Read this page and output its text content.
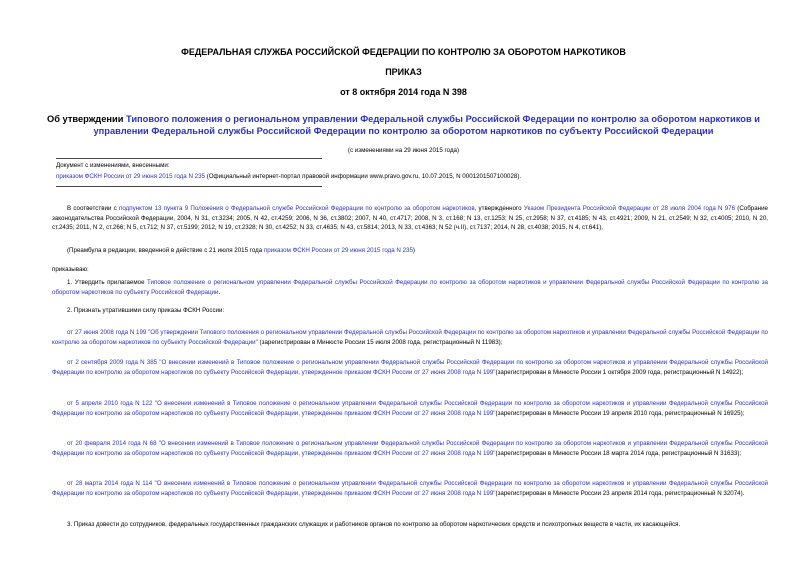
ФЕДЕРАЛЬНАЯ СЛУЖБА РОССИЙСКОЙ ФЕДЕРАЦИИ ПО КОНТРОЛЮ ЗА ОБОРОТОМ НАРКОТИКОВ
ПРИКАЗ
от 8 октября 2014 года N 398
Об утверждении Типового положения о региональном управлении Федеральной службы Российской Федерации по контролю за оборотом наркотиков и управлении Федеральной службы Российской Федерации по контролю за оборотом наркотиков по субъекту Российской Федерации
(с изменениями на 29 июня 2015 года)
Документ с изменениями, внесенными:
приказом ФСКН России от 29 июня 2015 года N 235 (Официальный интернет-портал правовой информации www.pravo.gov.ru, 10.07.2015, N 0001201507100028).
В соответствии с подпунктом 13 пункта 9 Положения о Федеральной службе Российской Федерации по контролю за оборотом наркотиков, утвержденного Указом Президента Российской Федерации от 28 июля 2004 года N 976 (Собрание законодательства Российской Федерации, 2004, N 31, ст.3234; 2005, N 42, ст.4259; 2006, N 36, ст.3802; 2007, N 40, ст.4717; 2008, N 3, ст.168; N 13, ст.1253; N 25, ст.2958; N 37, ст.4185; N 43, ст.4921; 2009, N 21, ст.2549; N 32, ст.4005; 2010, N 20, ст.2435; 2011, N 2, ст.266; N 5, ст.712; N 37, ст.5199; 2012, N 19, ст.2328; N 30, ст.4252; N 33, ст.4635; N 43, ст.5814; 2013, N 33, ст.4363; N 52 (ч.II), ст.7137; 2014, N 28, ст.4038; 2015, N 4, ст.641),
(Преамбула в редакции, введенной в действие с 21 июля 2015 года приказом ФСКН России от 29 июня 2015 года N 235)
приказываю:
1. Утвердить прилагаемое Типовое положение о региональном управлении Федеральной службы Российской Федерации по контролю за оборотом наркотиков и управлении Федеральной службы Российской Федерации по контролю за оборотом наркотиков по субъекту Российской Федерации.
2. Признать утратившими силу приказы ФСКН России:
от 27 июня 2008 года N 199 "Об утверждении Типового положения о региональном управлении Федеральной службы Российской Федерации по контролю за оборотом наркотиков и управлении Федеральной службы Российской Федерации по контролю за оборотом наркотиков по субъекту Российской Федерации" (зарегистрирован в Минюсте России 15 июля 2008 года, регистрационный N 11983);
от 2 сентября 2009 года N 385 "О внесении изменений в Типовое положение о региональном управлении Федеральной службы Российской Федерации по контролю за оборотом наркотиков и управлении Федеральной службы Российской Федерации по контролю за оборотом наркотиков по субъекту Российской Федерации, утвержденное приказом ФСКН России от 27 июня 2008 года N 199"(зарегистрирован в Минюсте России 1 октября 2009 года, регистрационный N 14922);
от 5 апреля 2010 года N 122 "О внесении изменений в Типовое положение о региональном управлении Федеральной службы Российской Федерации по контролю за оборотом наркотиков и управлении Федеральной службы Российской Федерации по контролю за оборотом наркотиков по субъекту Российской Федерации, утвержденное приказом ФСКН России от 27 июня 2008 года N 199"(зарегистрирован в Минюсте России 19 апреля 2010 года, регистрационный N 16925);
от 20 февраля 2014 года N 68 "О внесении изменений в Типовое положение о региональном управлении Федеральной службы Российской Федерации по контролю за оборотом наркотиков и управлении Федеральной службы Российской Федерации по контролю за оборотом наркотиков по субъекту Российской Федерации, утвержденное приказом ФСКН России от 27 июня 2008 года N 199"(зарегистрирован в Минюсте России 18 марта 2014 года, регистрационный N 31633);
от 28 марта 2014 года N 114 "О внесении изменений в Типовое положение о региональном управлении Федеральной службы Российской Федерации по контролю за оборотом наркотиков и управлении Федеральной службы Российской Федерации по контролю за оборотом наркотиков по субъекту Российской Федерации, утвержденное приказом ФСКН России от 27 июня 2008 года N 199"(зарегистрирован в Минюсте России 23 апреля 2014 года, регистрационный N 32074).
3. Приказ довести до сотрудников, федеральных государственных гражданских служащих и работников органов по контролю за оборотом наркотических средств и психотропных веществ в части, их касающейся.
